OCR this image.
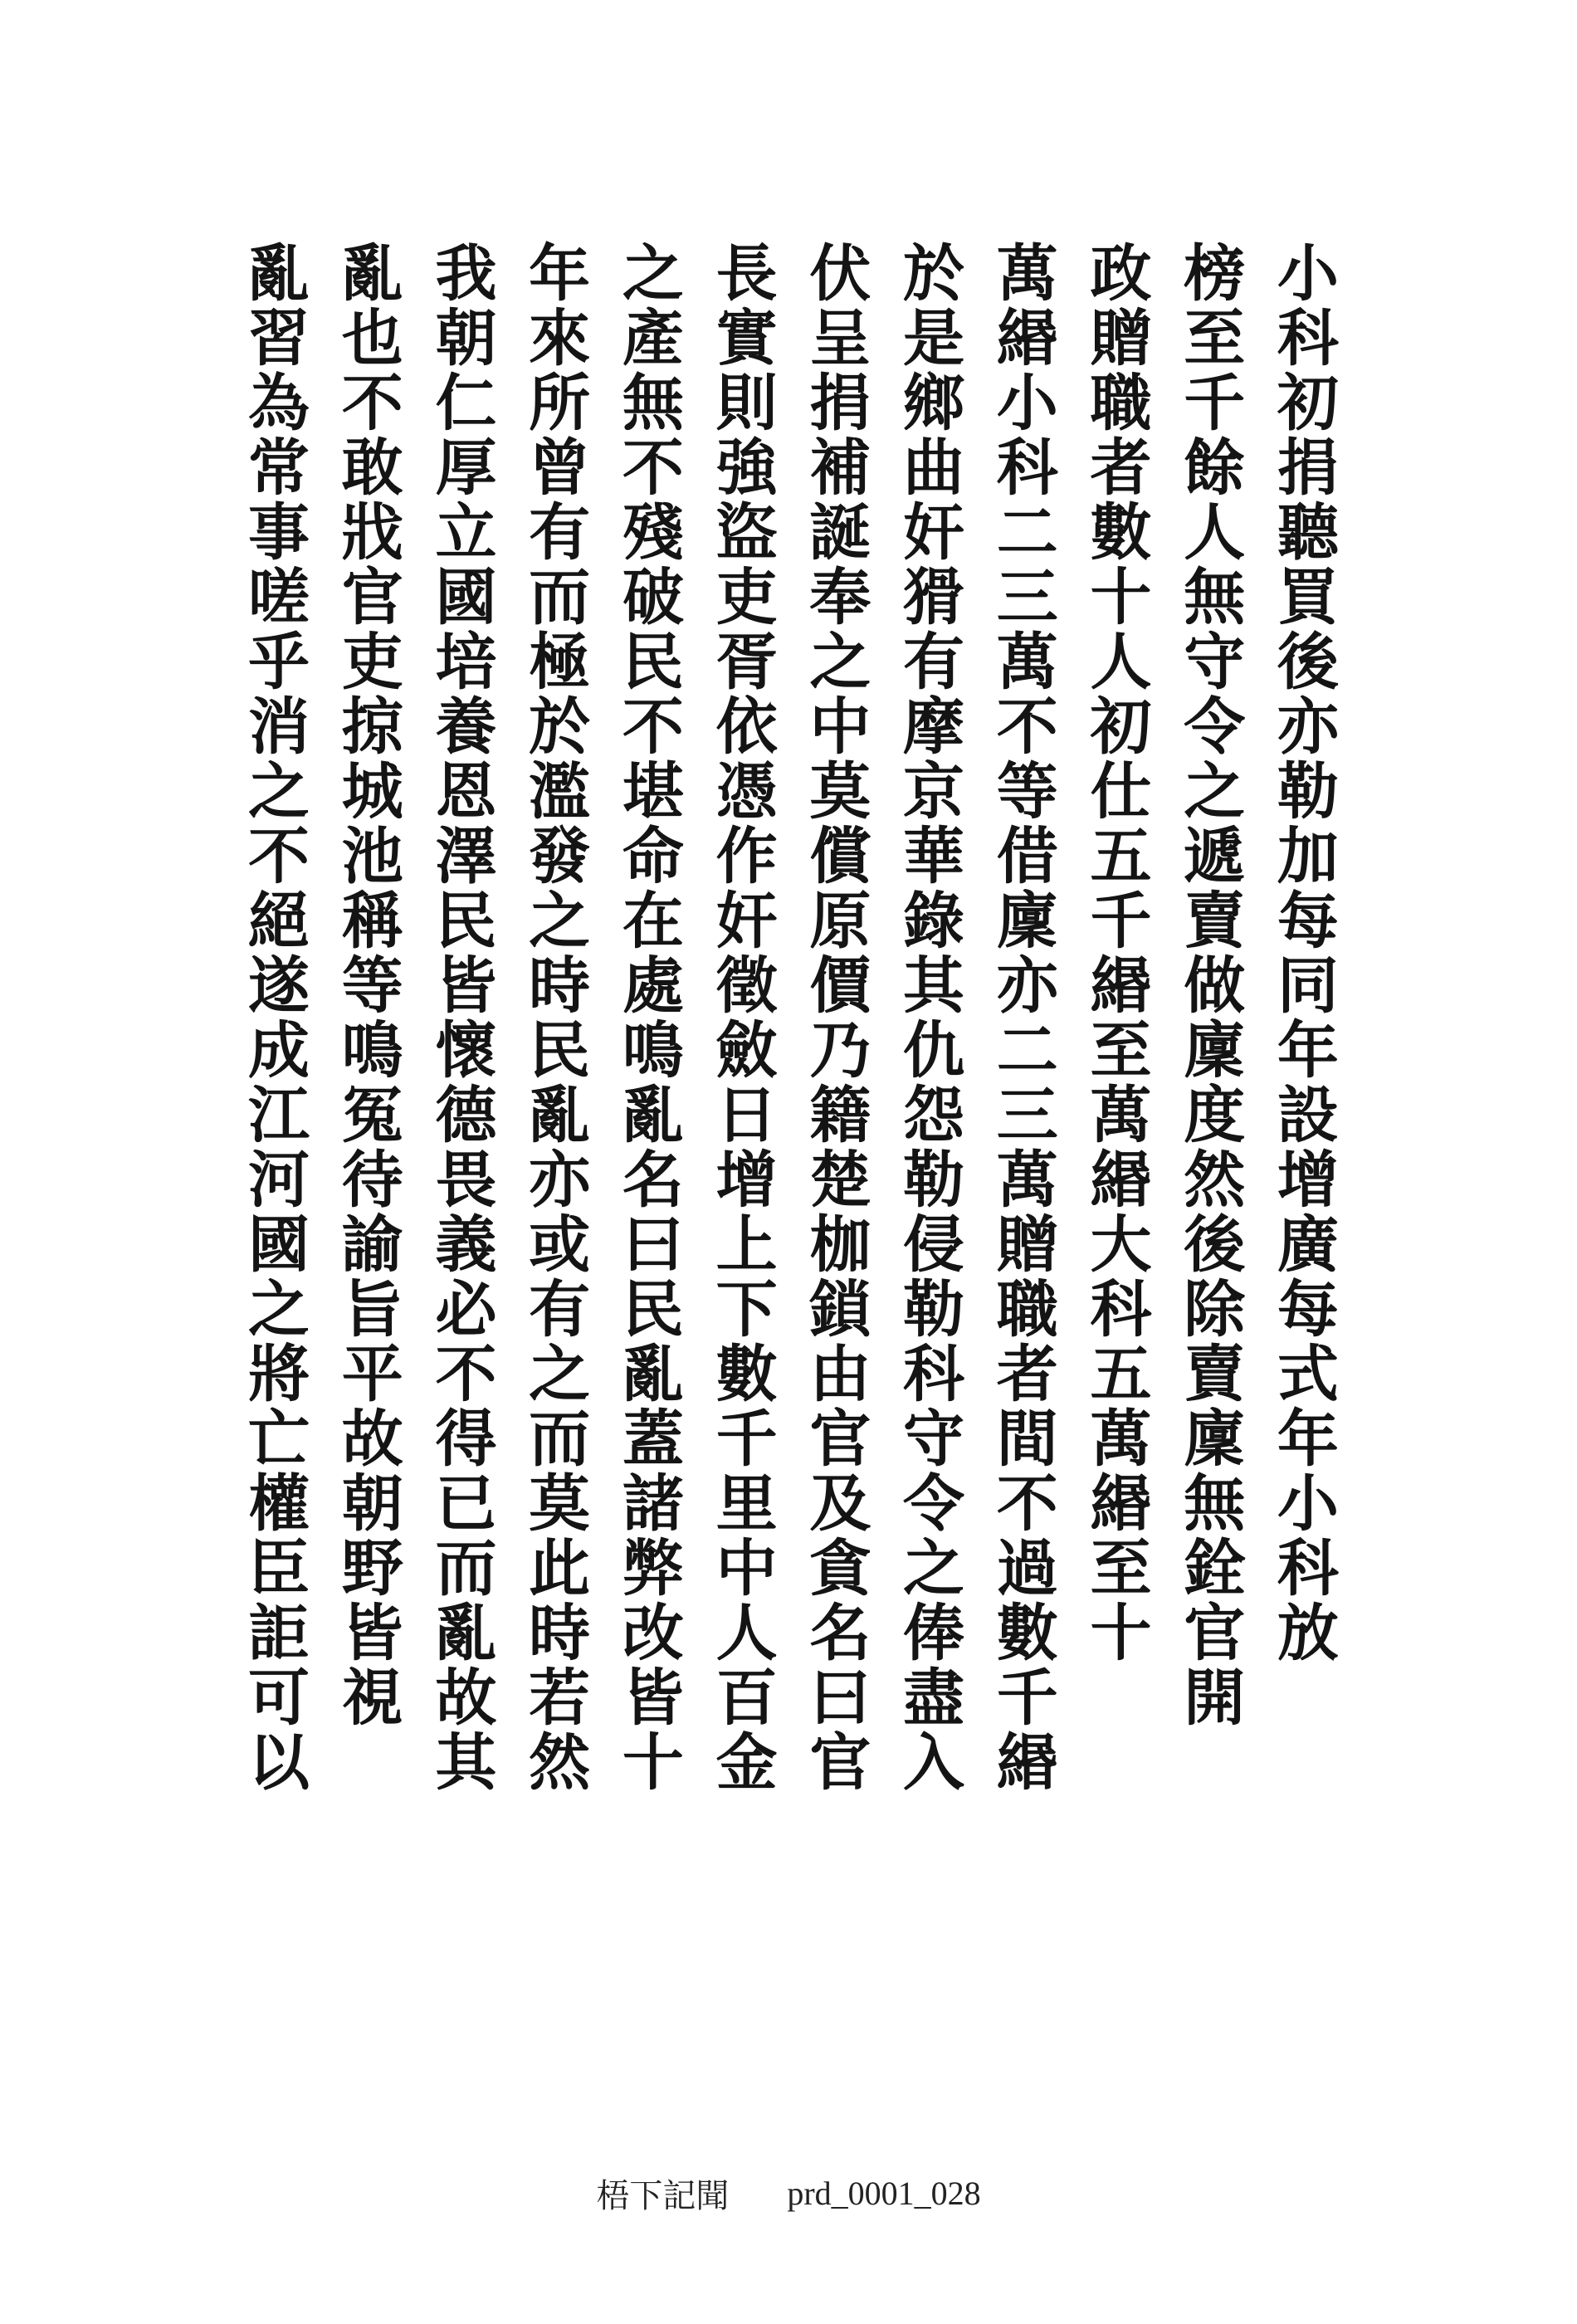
小科初捐聽買後亦勒加每同年設增廣每式年小科放
榜至千餘人無守令之遞賣做廩度然後除賣廩無銓官開
政贈職者數十人初仕五千緡至萬緡大科五萬緡至十
萬緡小科二三萬不等借廩亦二三萬贈職者間不過數千緡
於是鄉曲奸猾有摩京華錄其仇怨勒侵勒科守令之俸盡入
伏呈捐補誕奉之中莫償原價乃籍楚枷鎖由官及貪名曰官
長實則強盜吏胥依憑作奸徵斂日增上下數千里中人百金
之產無不殘破民不堪命在處鳴亂名曰民亂蓋諸弊改皆十
年來所曾有而極於濫發之時民亂亦或有之而莫此時若然
我朝仁厚立國培養恩澤民皆懷德畏義必不得已而亂故其
亂也不敢戕官吏掠城池稱等鳴冤待諭旨平故朝野皆視
亂習為常事嗟乎消之不絕遂成江河國之將亡權臣詎可以
梧下記聞 prd_0001_028
